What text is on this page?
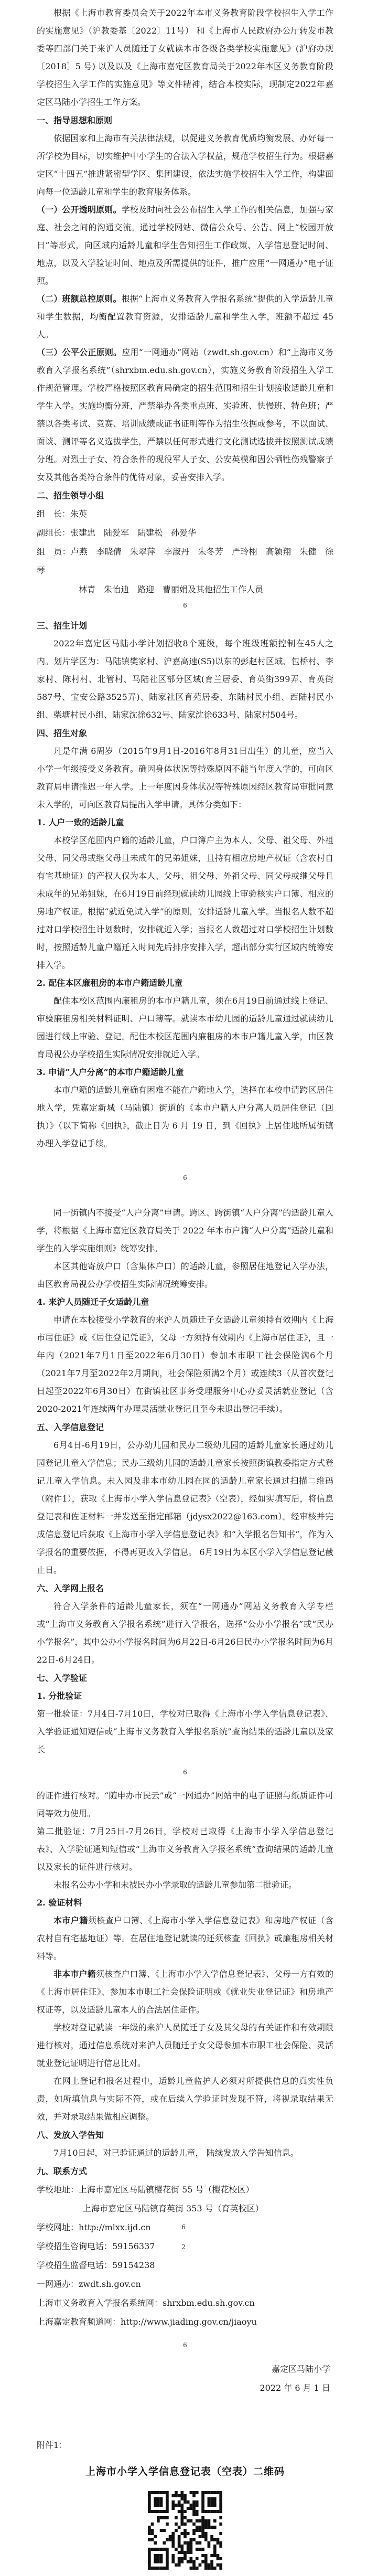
根据《上海市教育委员会关于2022年本市义务教育阶段学校招生入学工作的实施意见》（沪教委基〔2022〕11号） 和《上海市人民政府办公厅转发市教委等四部门关于来沪人员随迁子女就读本市各级各类学校实施意见》(沪府办规〔2018〕5 号) 以及以及《上海市嘉定区教育局关于2022年本区义务教育阶段学校招生入学工作的实施意见》等文件精神，结合本校实际，现制定2022年嘉定区马陆小学招生工作方案。
一、指导思想和原则
依据国家和上海市有关法律法规，以促进义务教育优质均衡发展、办好每一所学校为目标，切实维护中小学生的合法入学权益，规范学校招生行为。根据嘉定区“十四五”推进紧密型学区、集团建设，依法实施学校招生入学工作，构建面向每一位适龄儿童和学生的教育服务体系。
（一）公开透明原则。学校及时向社会公布招生入学工作的相关信息，加强与家庭、社会之间的沟通交流。通过学校网站、微信公众号、公告、网上“校园开放日”等形式，向区域内适龄儿童和学生告知招生工作政策、入学信息登记时间、地点，以及入学验证时间、地点及所需提供的证件，推广应用“一网通办”电子证照。
（二）班额总控原则。根据“上海市义务教育入学报名系统”提供的入学适龄儿童和学生数据，均衡配置教育资源，安排适龄儿童和学生入学，班额不超过 45 人。
（三）公平公正原则。应用“一网通办”网站（zwdt.sh.gov.cn）和“上海市义务教育入学报名系统”（shrxbm.edu.sh.gov.cn），实施义务教育阶段招生入学工作规范管理。学校严格按照区教育局确定的招生范围和招生计划接收适龄儿童和学生入学。实施均衡分班，严禁举办各类重点班、实验班、快慢班、特色班；严禁以各类考试、竞赛、培训成绩或证书证明等作为招生依据或参考，不以面试、面谈、测评等名义选拔学生，严禁以任何形式进行文化测试选拔并按照测试成绩分班。对烈士子女、符合条件的现役军人子女、公安英模和因公牺牲伤残警察子女及其他各类符合条件的优待对象，妥善安排入学。
二、招生领导小组
组　长：朱英
副组长：张建忠　陆爱军　陆建松　孙爱华
组　员：卢燕　李晓倩　朱翠萍　李淑丹　朱冬芳　严玲栩　高颖翔　朱健　徐琴
林青　朱怡迪　路迎　曹丽娟及其他招生工作人员
6
三、招生计划
2022年嘉定区马陆小学计划招收8个班级，每个班级班额控制在45人之内。划片学区为：马陆镇樊家村、沪嘉高速(S5)以东的彭赵村区域、包桥村、李家村、陈村村、北管村、马陆社区部分区域(育兰居委、育英街399弄、育英街587号、宝安公路3525弄)、陆家社区育苑居委、东陆村民小组、西陆村民小组、柴塘村民小组、陆家沈徐632号、陆家沈徐633号、陆家村504号。
四、招生对象
凡是年满 6周岁（2015年9月1日-2016年8月31日出生）的儿童，应当入小学一年级接受义务教育。确因身体状况等特殊原因不能当年度入学的，可向区教育局申请推迟一年入学。上一年度因身体状况等特殊原因经区教育局审批同意未入学的，可向区教育局提出入学申请。具体分类如下：
1. 人户一致的适龄儿童
本校学区范围内户籍的适龄儿童，户口簿户主为本人、父母、祖父母、外祖父母、同父母或继父母且未成年的兄弟姐妹，且持有相应房地产权证（含农村自有宅基地证）的产权人仅为本人、父母、祖父母、外祖父母、同父母或继父母且未成年的兄弟姐妹，在6月19日前经现就读幼儿园线上审验核实户口簿、相应的房地产权证。根据“就近免试入学”的原则，安排适龄儿童入学。当报名人数不超过对口学校招生计划数时，安排就近入学；当报名人数超过对口学校招生计划数时，按照适龄儿童户籍迁入时间先后排序安排入学，超出部分实行区域内统筹安排入学。
2. 配住本区廉租房的本市户籍适龄儿童
配住本校区范围内廉租房的本市户籍儿童，须在6月19日前通过线上登记、审验廉租房相关材料证明、户口簿等。就读本市幼儿园的适龄儿童通过就读幼儿园进行线上审验、登记。配住本校区范围内廉租房的本市户籍儿童入学，由区教育局视公办学校招生实际情况安排就近入学。
3. 申请“人户分离”的本市户籍适龄儿童
本市户籍的适龄儿童确有困难不能在户籍地入学，选择在本校申请跨区居住地入学，凭嘉定新城（马陆镇）街道的《本市户籍人户分离人员居住登记（回执）》（以下简称《回执》，截止日为 6 月 19 日，到《回执》上居住地所属街镇办理入学登记手续。
6
同一街镇内不接受“人户分离”申请。跨区、跨街镇“人户分离”的适龄儿童入学，将根据《上海市嘉定区教育局关于 2022 年本市户籍“人户分离”适龄儿童和学生的入学实施细则》统筹安排。
本区其他寄放户口（含集体户口）的适龄儿童，参照居住地登记入学办法，由区教育局视公办学校招生实际情况统筹安排。
4. 来沪人员随迁子女适龄儿童
申请在本校接受小学教育的来沪人员随迁子女适龄儿童须持有效期内《上海市居住证》或《居住登记凭证》，父母一方须持有效期内《上海市居住证》，且一年内（2021年7月1日至2022年6月30日）参加本市职工社会保险满6个月（2021年7月至2022年2月期间，社会保险须满2个月）或连续3（从首次登记日起至2022年6月30日）在街镇社区事务受理服务中心办妥灵活就业登记（含2020-2021年连续两年办理灵活就业登记且至今未退出登记手续）。
五、入学信息登记
6月4日-6月19日，公办幼儿园和民办二级幼儿园的适龄儿童家长通过幼儿园登记儿童入学信息；民办三级幼儿园的适龄儿童家长按照街镇教委指定方式登记儿童入学信息。未入园及非本市幼儿园在园的适龄儿童家长通过扫描二维码（附件1），获取《上海市小学入学信息登记表》（空表），经如实填写后，将信息登记表和佐证材料一并发送至指定邮箱（jdysx2022@163.com）。经审核并完成信息登记后获取《上海市小学入学信息登记表》和“入学报名告知书”，作为入学报名的重要依据，不得再更改入学信息。 6月19日为本区小学入学信息登记截止日。
六、入学网上报名
符合入学条件的适龄儿童家长，须在“一网通办”网站义务教育入学专栏或“上海市义务教育入学报名系统”进行入学报名，选择“公办小学报名”或“民办小学报名”，其中公办小学报名时间为6月22日-6月26日民办小学报名时间为6月22日-6月24日。
七、入学验证
1. 分批验证
第一批验证：7月4日-7月10日，学校对已取得《上海市小学入学信息登记表》、入学验证通知短信或“上海市义务教育入学报名系统”查询结果的适龄儿童以及家长
6
的证件进行核对。“随申办市民云”或“一网通办”网站中的电子证照与纸质证件可同等效力使用。
第二批验证：7月25日-7月26日，学校对已取得《上海市小学入学信息登记表》、入学验证通知短信或“上海市义务教育入学报名系统”查询结果的适龄儿童以及家长的证件进行核对。
未报名公办小学和未被民办小学录取的适龄儿童参加第二批验证。
2. 验证材料
本市户籍须核查户口簿、《上海市小学入学信息登记表》和房地产权证（含农村自有宅基地证）等。在居住地登记就读的还须核查《回执》或廉租房相关材料等。
非本市户籍须核查户口簿、《上海市小学入学信息登记表》、父母一方有效的《上海市居住证》、参加本市职工社会保险证明或《就业失业登记证》和房地产权证等，以及适龄儿童本人的合法居住证件。
学校对登记就读一年级的来沪人员随迁子女及其父母的有关证件和有效期限进行核对，通过信息系统对来沪人员随迁子女父母参加本市职工社会保险、灵活就业登记证明进行信息比对。
在网上登记和报名过程中，适龄儿童监护人必须对所提供信息的真实性负责，如所填信息与实际不符，或在后续入学验证时发现不符，将视录取结果无效，并对录取结果做相应调整。
八、发放入学告知
7月10日起，对已验证通过的适龄儿童， 陆续发放入学告知信息。
九、联系方式
学校地址：上海市嘉定区马陆镇樱花街 55 号（樱花校区）
上海市嘉定区马陆镇育英街 353 号（育英校区）
学校网址：http://mlxx.ijd.cn
学校招生咨询电话：59156337
学校招生监督电话：59154238
一网通办：zwdt.sh.gov.cn
上海市义务教育入学报名系统网：shrxbm.edu.sh.gov.cn
上海嘉定教育频道网：http://www.jiading.gov.cn/jiaoyu
6
嘉定区马陆小学
2022 年 6 月 1 日
附件1：
上海市小学入学信息登记表（空表）二维码
6
2
